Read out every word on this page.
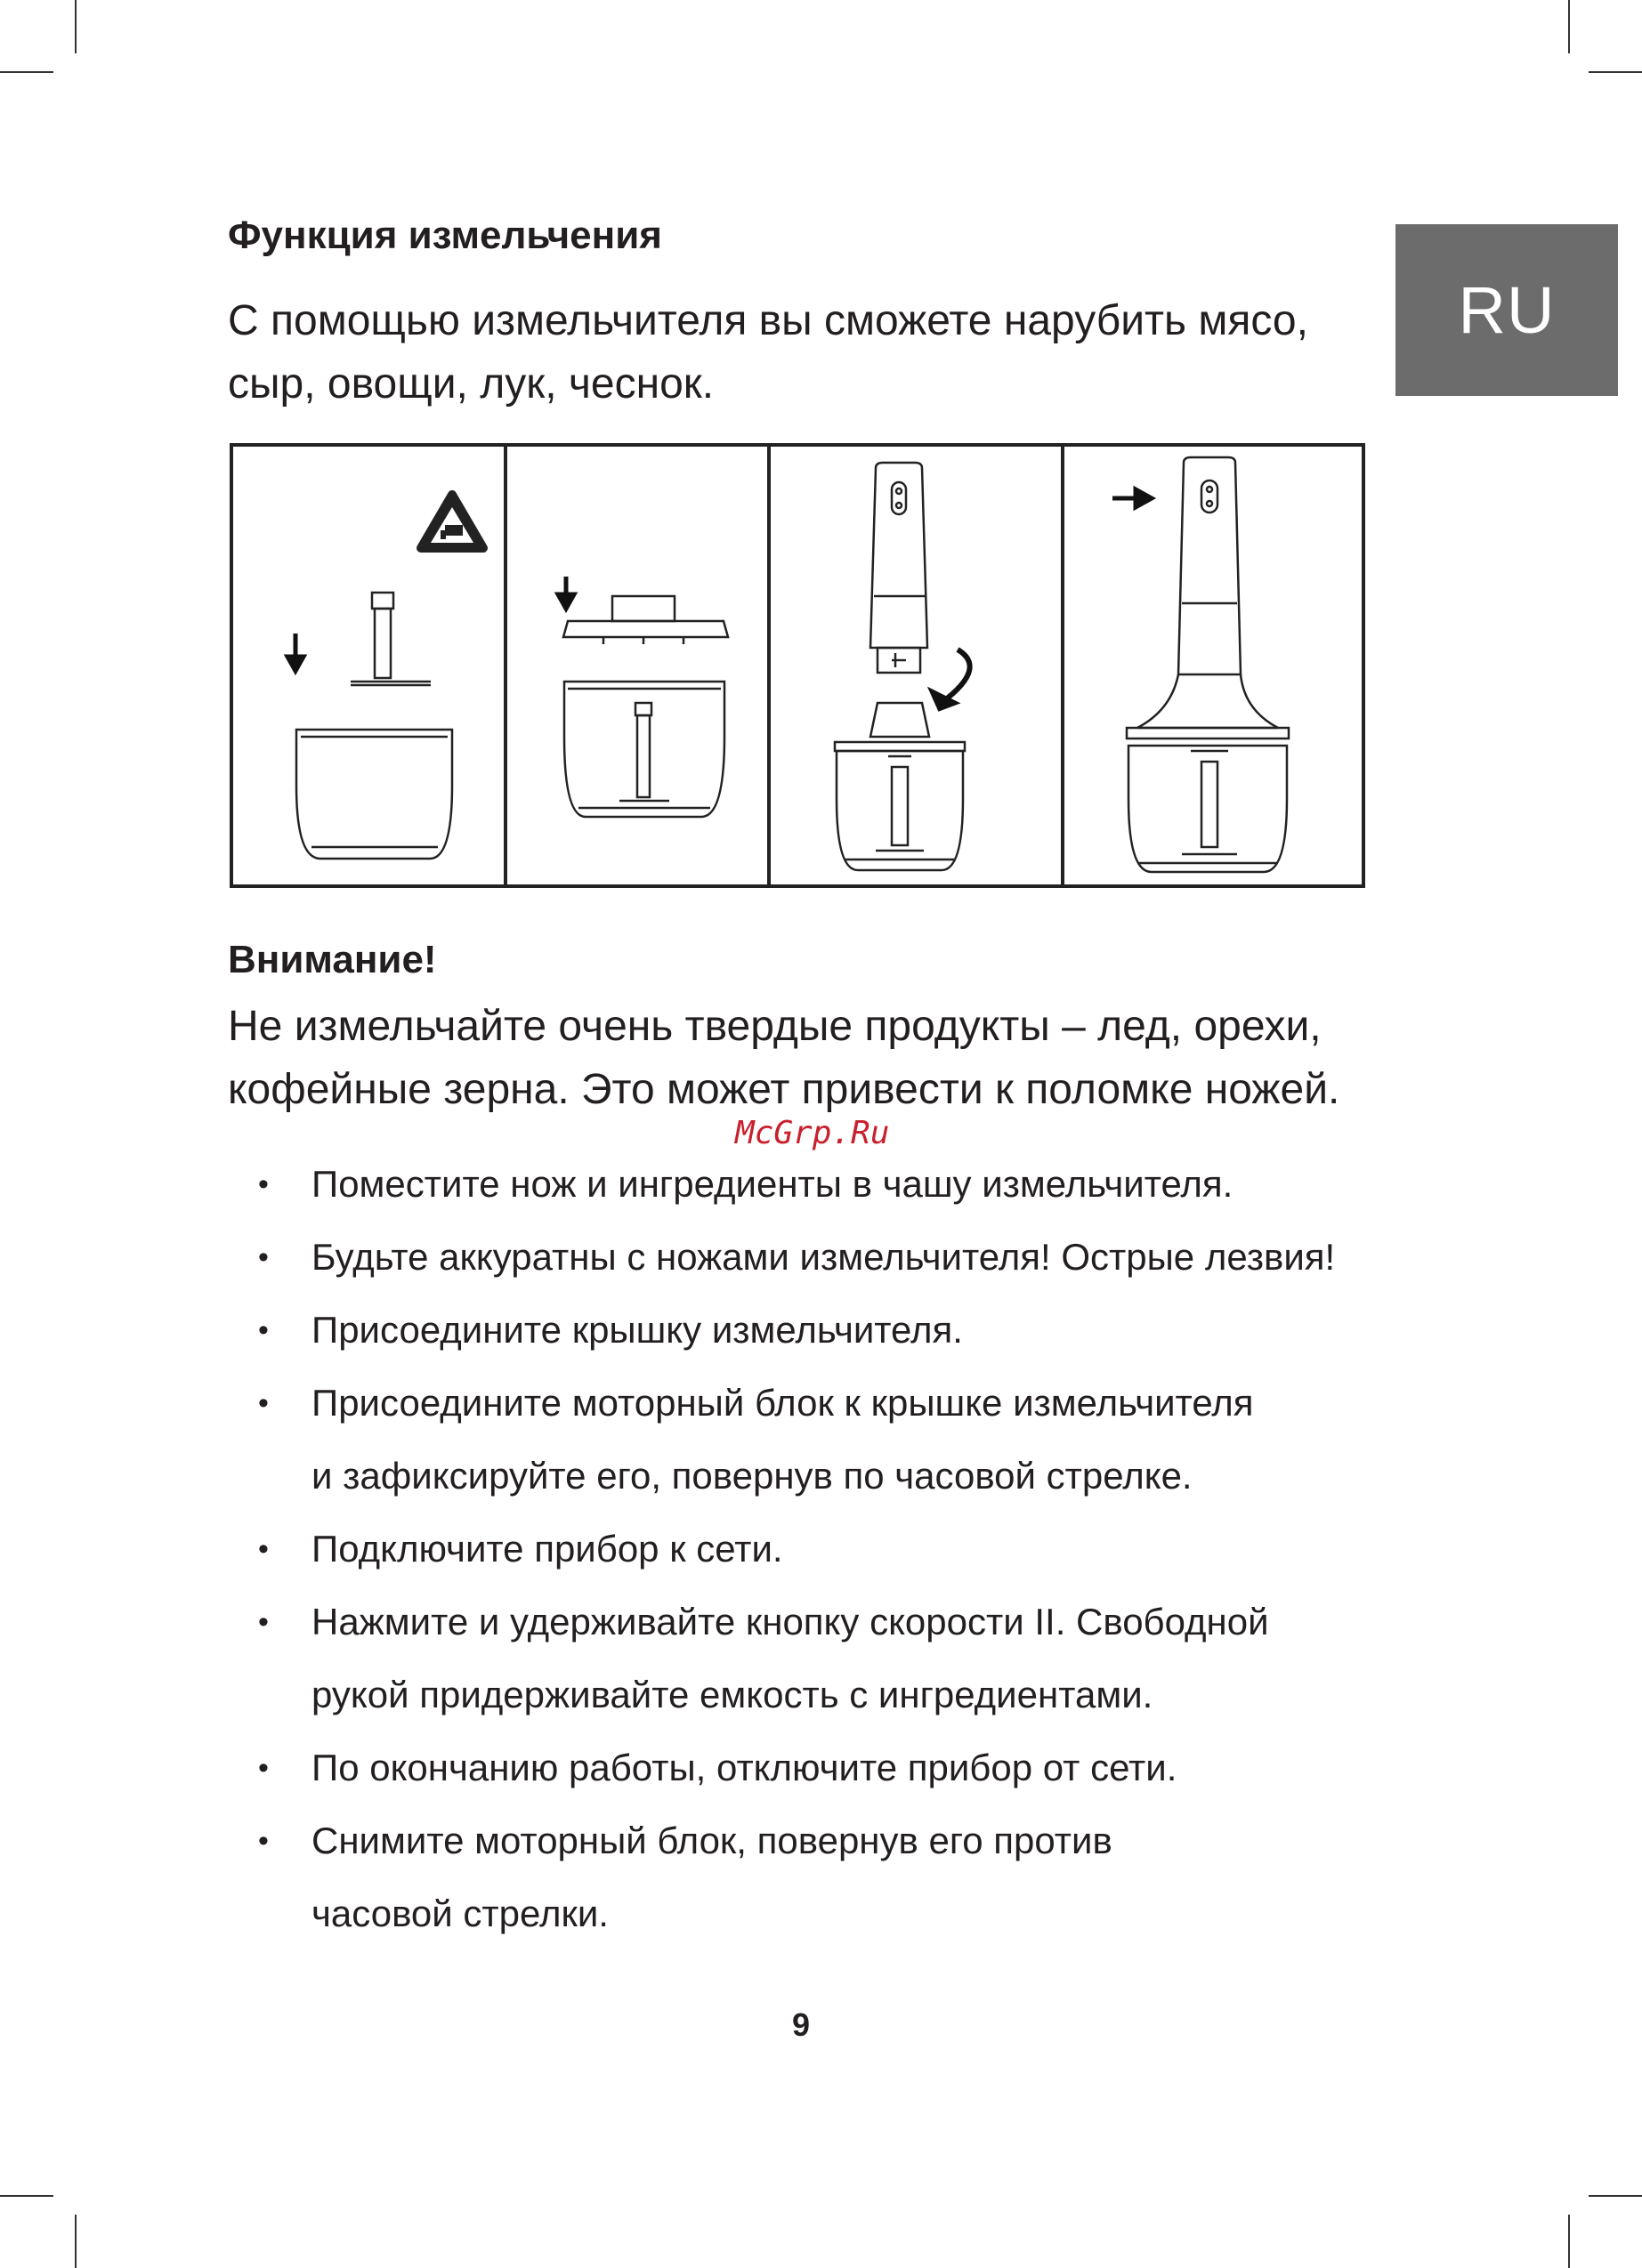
RU
Функция измельчения

С помощью измельчителя вы сможете нарубить мясо,
сыр, овощи, лук, чеснок.

Внимание!

Не измельчайте очень твердые продукты – лед, орехи,
кофейные зерна. Это может привести к поломке ножей.

McGrp.Ru
• Поместите нож и ингредиенты в чашу измельчителя.
• Будьте аккуратны с ножами измельчителя! Острые лезвия!
• Присоедините крышку измельчителя.
• Присоедините моторный блок к крышке измельчителя
и зафиксируйте его, повернув по часовой стрелке.
• Подключите прибор к сети.
• Нажмите и удерживайте кнопку скорости II. Свободной
рукой придерживайте емкость с ингредиентами.
• По окончанию работы, отключите прибор от сети.
• Снимите моторный блок, повернув его против
часовой стрелки.
9
